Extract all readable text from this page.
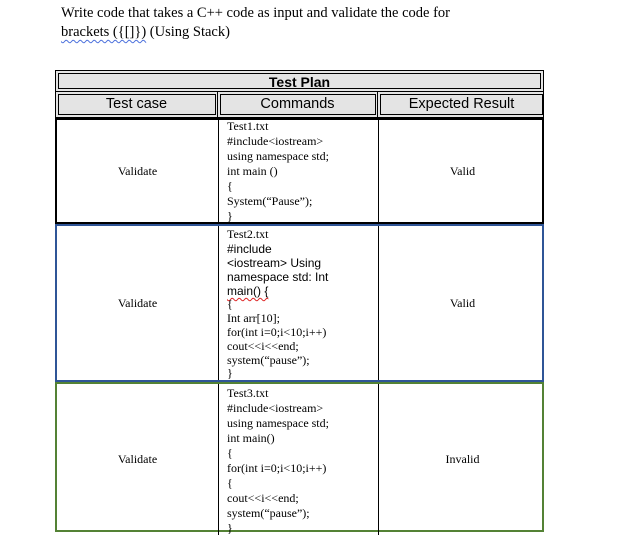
Write code that takes a C++ code as input and validate the code for
brackets ({[]}) (Using Stack)
Test Plan
Test case	Commands	Expected Result
Validate
Test1.txt
#include<iostream>
using namespace std;
int main ()
{
System(“Pause”);
}
Valid
Validate
Test2.txt
#include
<iostream> Using
namespace std: Int
main() {
{
Int arr[10];
for(int i=0;i<10;i++)
cout<<i<<end;
system(“pause”);
}
Valid
Validate
Test3.txt
#include<iostream>
using namespace std;
int main()
{
for(int i=0;i<10;i++)
{
cout<<i<<end;
system(“pause”);
}
Invalid
